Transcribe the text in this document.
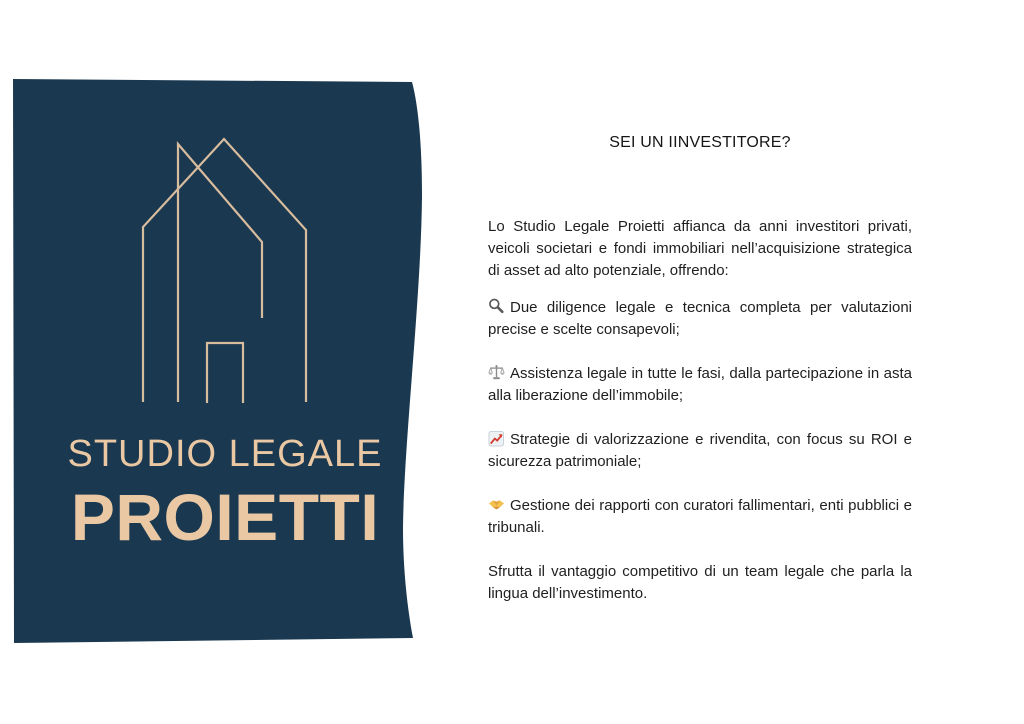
STUDIO LEGALE
PROIETTI
SEI UN IINVESTITORE?

Lo Studio Legale Proietti affianca da anni investitori privati, veicoli societari e fondi immobiliari nell’acquisizione strategica di asset ad alto potenziale, offrendo:

Due diligence legale e tecnica completa per valutazioni precise e scelte consapevoli;
Assistenza legale in tutte le fasi, dalla partecipazione in asta alla liberazione dell’immobile;
Strategie di valorizzazione e rivendita, con focus su ROI e sicurezza patrimoniale;
Gestione dei rapporti con curatori fallimentari, enti pubblici e tribunali.

Sfrutta il vantaggio competitivo di un team legale che parla la lingua dell’investimento.
